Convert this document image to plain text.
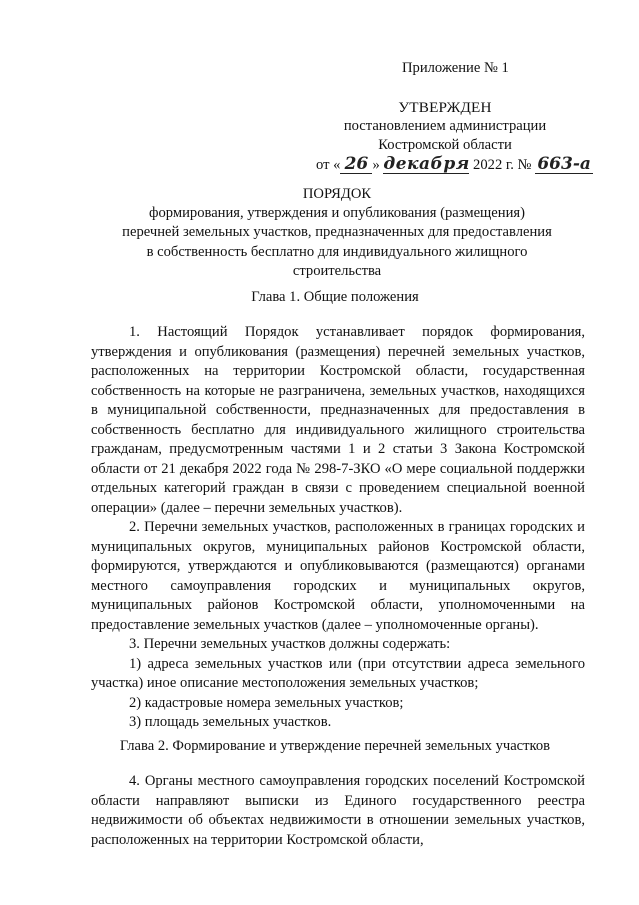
Приложение № 1
УТВЕРЖДЕН
постановлением администрации
Костромской области
от « 26 » декабря 2022 г. № 663-а
ПОРЯДОК
формирования, утверждения и опубликования (размещения)
перечней земельных участков, предназначенных для предоставления
в собственность бесплатно для индивидуального жилищного
строительства
Глава 1. Общие положения

1. Настоящий Порядок устанавливает порядок формирования, утверждения и опубликования (размещения) перечней земельных участков, расположенных на территории Костромской области, государственная собственность на которые не разграничена, земельных участков, находящихся в муниципальной собственности, предназначенных для предоставления в собственность бесплатно для индивидуального жилищного строительства гражданам, предусмотренным частями 1 и 2 статьи 3 Закона Костромской области от 21 декабря 2022 года № 298-7-ЗКО «О мере социальной поддержки отдельных категорий граждан в связи с проведением специальной военной операции» (далее – перечни земельных участков).

2. Перечни земельных участков, расположенных в границах городских и муниципальных округов, муниципальных районов Костромской области, формируются, утверждаются и опубликовываются (размещаются) органами местного самоуправления городских и муниципальных округов, муниципальных районов Костромской области, уполномоченными на предоставление земельных участков (далее – уполномоченные органы).

3. Перечни земельных участков должны содержать:

1) адреса земельных участков или (при отсутствии адреса земельного участка) иное описание местоположения земельных участков;

2) кадастровые номера земельных участков;

3) площадь земельных участков.

Глава 2. Формирование и утверждение перечней земельных участков

4. Органы местного самоуправления городских поселений Костромской области направляют выписки из Единого государственного реестра недвижимости об объектах недвижимости в отношении земельных участков, расположенных на территории Костромской области,
